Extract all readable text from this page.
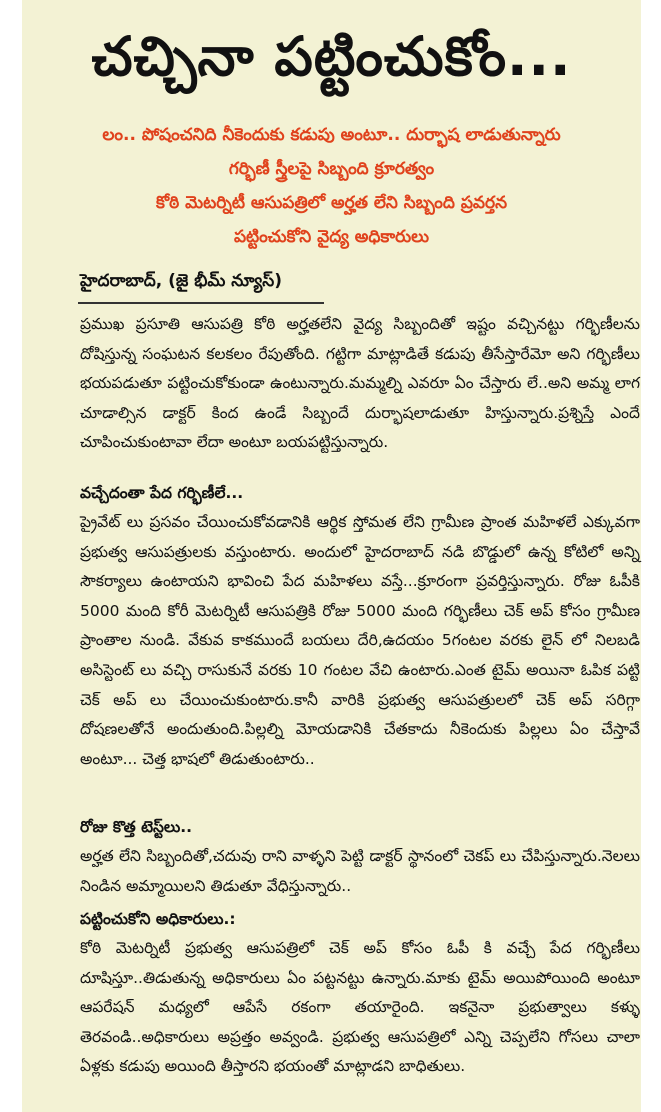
చచ్చినా పట్టించుకోం...
లం.. పోషంచనిది నీకెందుకు కడుపు అంటూ.. దుర్భాష లాడుతున్నారు
గర్భిణీ స్త్రీలపై సిబ్బంది క్రూరత్వం
కోఠి మెటర్నిటీ ఆసుపత్రిలో అర్హత లేని సిబ్బంది ప్రవర్తన
పట్టించుకోని వైద్య అధికారులు
హైదరాబాద్, (జై భీమ్ న్యూస్)

ప్రముఖ ప్రసూతి ఆసుపత్రి కోఠి అర్హతలేని వైద్య సిబ్బందితో ఇష్టం వచ్చినట్టు గర్భిణీలను దోషిస్తున్న సంఘటన కలకలం రేపుతోంది. గట్టిగా మాట్లాడితే కడుపు తీసేస్తారేమో అని గర్భిణీలు భయపడుతూ పట్టించుకోకుండా ఉంటున్నారు.మమ్మల్ని ఎవరూ ఏం చేస్తారు లే..అని అమ్మ లాగ చూడాల్సిన డాక్టర్ కింద ఉండే సిబ్బందే దుర్భాషలాడుతూ హిస్తున్నారు.ప్రశ్నిస్తే ఎందే చూపించుకుంటావా లేదా అంటూ బయపట్టిస్తున్నారు.

వచ్చేదంతా పేద గర్భిణీలే...

ప్రైవేట్ లు ప్రసవం చేయించుకోవడానికి ఆర్థిక స్తోమత లేని గ్రామీణ ప్రాంత మహిళలే ఎక్కువగా ప్రభుత్వ ఆసుపత్రులకు వస్తుంటారు. అందులో హైదరాబాద్ నడి బొడ్డులో ఉన్న కోటిలో అన్ని సౌకర్యాలు ఉంటాయని భావించి పేద మహిళలు వస్తే...క్రూరంగా ప్రవర్తిస్తున్నారు. రోజు ఓపీకి 5000 మంది కోరీ మెటర్నిటీ ఆసుపత్రికి రోజు 5000 మంది గర్భిణీలు చెక్ అప్ కోసం గ్రామీణ ప్రాంతాల నుండి. వేకువ కాకముందే బయలు దేరి,ఉదయం 5గంటల వరకు లైన్ లో నిలబడి అసిస్టెంట్ లు వచ్చి రాసుకునే వరకు 10 గంటల వేచి ఉంటారు.ఎంత టైమ్ అయినా ఓపిక పట్టి చెక్ అప్ లు చేయించుకుంటారు.కానీ వారికి ప్రభుత్వ ఆసుపత్రులలో చెక్ అప్ సరిగ్గా దోషణలతోనే అందుతుంది.పిల్లల్ని మోయడానికి చేతకాదు నీకెందుకు పిల్లలు ఏం చేస్తావే అంటూ... చెత్త భాషలో తిడుతుంటారు..

రోజు కొత్త టెస్ట్‌లు..

అర్హత లేని సిబ్బందితో,చదువు రాని వాళ్ళని పెట్టి డాక్టర్ స్థానంలో చెకప్ లు చేపిస్తున్నారు.నెలలు నిండిన అమ్మాయిలని తిడుతూ వేధిస్తున్నారు..

పట్టించుకోని అధికారులు.:

కోఠి మెటర్నిటీ ప్రభుత్వ ఆసుపత్రిలో చెక్ అప్ కోసం ఓపీ కి వచ్చే పేద గర్భిణీలు దూషిస్తూ..తిడుతున్న అధికారులు ఏం పట్టనట్టు ఉన్నారు.మాకు టైమ్ అయిపోయింది అంటూ ఆపరేషన్ మధ్యలో ఆపేసే రకంగా తయారైంది. ఇకనైనా ప్రభుత్వాలు కళ్ళు తెరవండి..అధికారులు అప్రత్తం అవ్వండి. ప్రభుత్వ ఆసుపత్రిలో ఎన్ని చెప్పలేని గోసలు చాలా ఏళ్లకు కడుపు అయింది తీస్తారని భయంతో మాట్లాడని బాధితులు.
